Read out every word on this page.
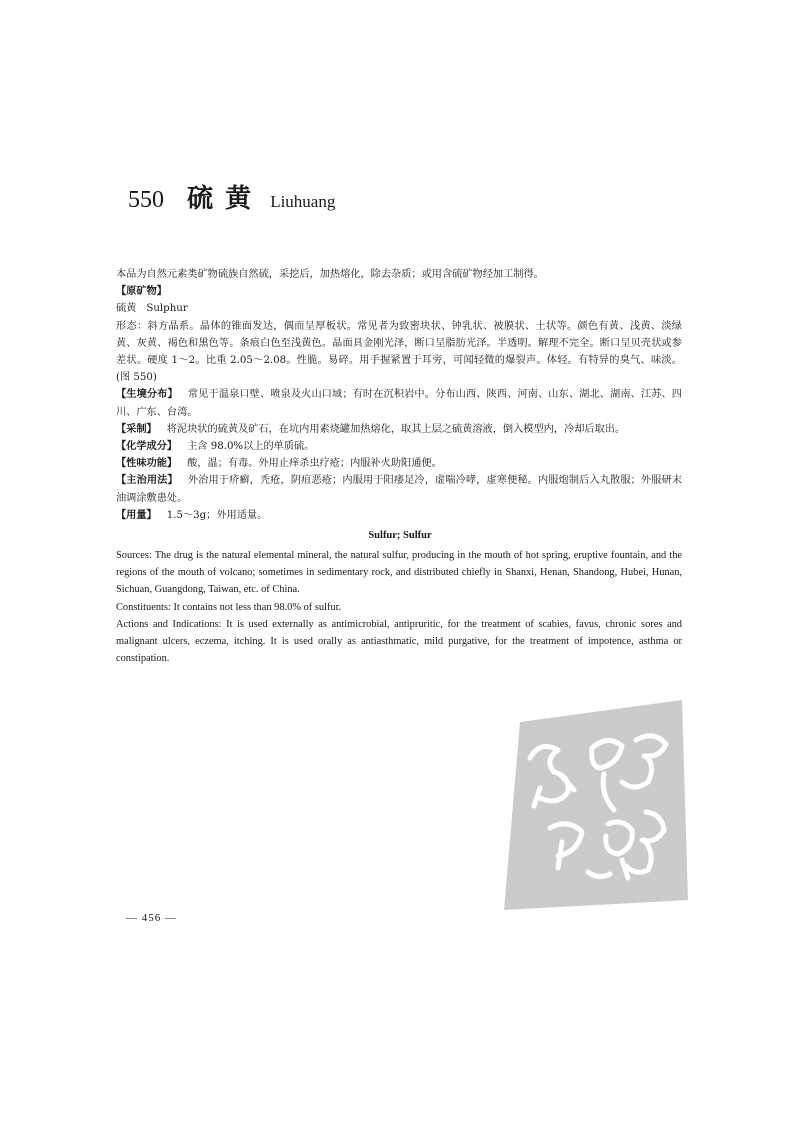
550 硫黄 Liuhuang

本品为自然元素类矿物硫族自然硫，采挖后，加热熔化，除去杂质；或用含硫矿物经加工制得。

【原矿物】

硫黄 Sulphur

形态：斜方晶系。晶体的锥面发达，偶而呈厚板状。常见者为致密块状、钟乳状、被膜状、土状等。颜色有黄、浅黄、淡绿黄、灰黄、褐色和黑色等。条痕白色至浅黄色。晶面具金刚光泽，断口呈脂肪光泽。半透明。解理不完全。断口呈贝壳状或参差状。硬度 1～2。比重 2.05～2.08。性脆。易碎。用手握紧置于耳旁，可闻轻微的爆裂声。体轻。有特异的臭气、味淡。(图 550)

【生境分布】 常见于温泉口壁、喷泉及火山口域；有时在沉积岩中。分布山西、陕西、河南、山东、湖北、湖南、江苏、四川、广东、台湾。

【采制】 将泥块状的硫黄及矿石，在坑内用素烧罐加热熔化，取其上层之硫黄溶液，倒入模型内，冷却后取出。

【化学成分】 主含 98.0%以上的单质硫。

【性味功能】 酸，温；有毒。外用止痒杀虫疗疮；内服补火助阳通便。

【主治用法】 外治用于疥癣，秃疮，阴疽恶疮；内服用于阳痿足冷，虚喘冷哮，虚寒便秘。内服炮制后入丸散服；外服研末油调涂敷患处。

【用量】 1.5～3g；外用适量。

Sulfur; Sulfur

Sources: The drug is the natural elemental mineral, the natural sulfur, producing in the mouth of hot spring, eruptive fountain, and the regions of the mouth of volcano; sometimes in sedimentary rock, and distributed chiefly in Shanxi, Henan, Shandong, Hubei, Hunan, Sichuan, Guangdong, Taiwan, etc. of China.

Constituents: It contains not less than 98.0% of sulfur.

Actions and Indications: It is used externally as antimicrobial, antipruritic, for the treatment of scabies, favus, chronic sores and malignant ulcers, eczema, itching. It is used orally as antiasthmatic, mild purgative, for the treatment of impotence, asthma or constipation.

— 456 —
